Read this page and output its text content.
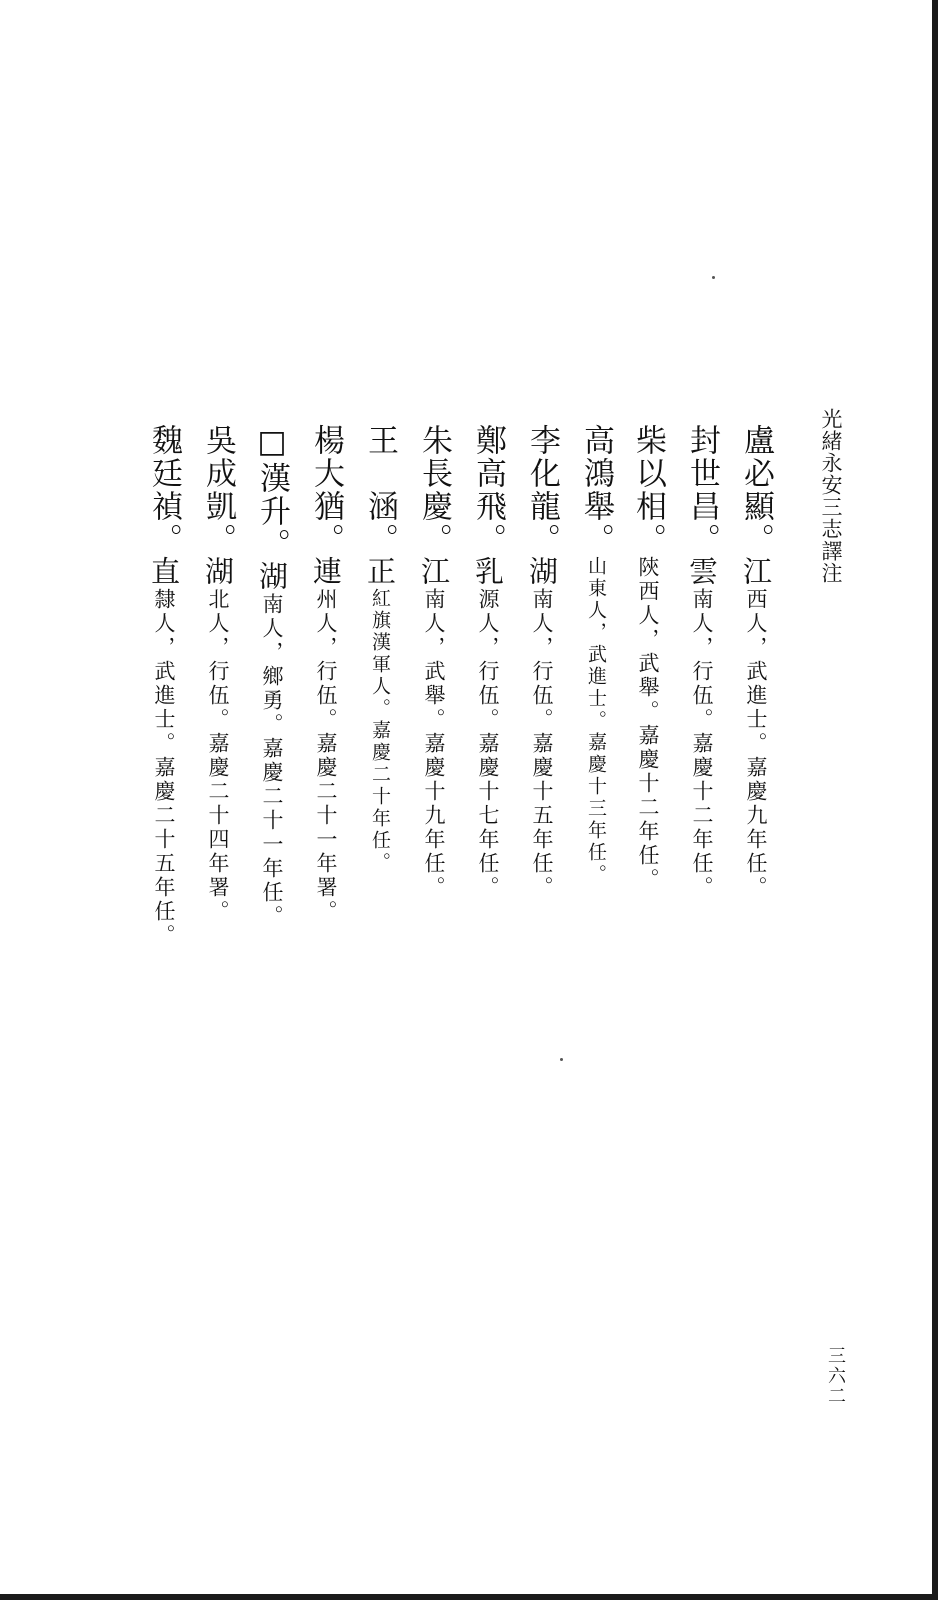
光緒永安三志譯注
三六二
盧必顯。江西人，武進士。嘉慶九年任。
封世昌。雲南人，行伍。嘉慶十二年任。
柴以相。陝西人，武舉。嘉慶十二年任。
高鴻舉。山東人，武進士。嘉慶十三年任。
李化龍。湖南人，行伍。嘉慶十五年任。
鄭高飛。乳源人，行伍。嘉慶十七年任。
朱長慶。江南人，武舉。嘉慶十九年任。
王　涵。正紅旗漢軍人。嘉慶二十年任。
楊大猶。連州人，行伍。嘉慶二十一年署。
□漢升。湖南人，鄉勇。嘉慶二十一年任。
吳成凱。湖北人，行伍。嘉慶二十四年署。
魏廷禎。直隸人，武進士。嘉慶二十五年任。
